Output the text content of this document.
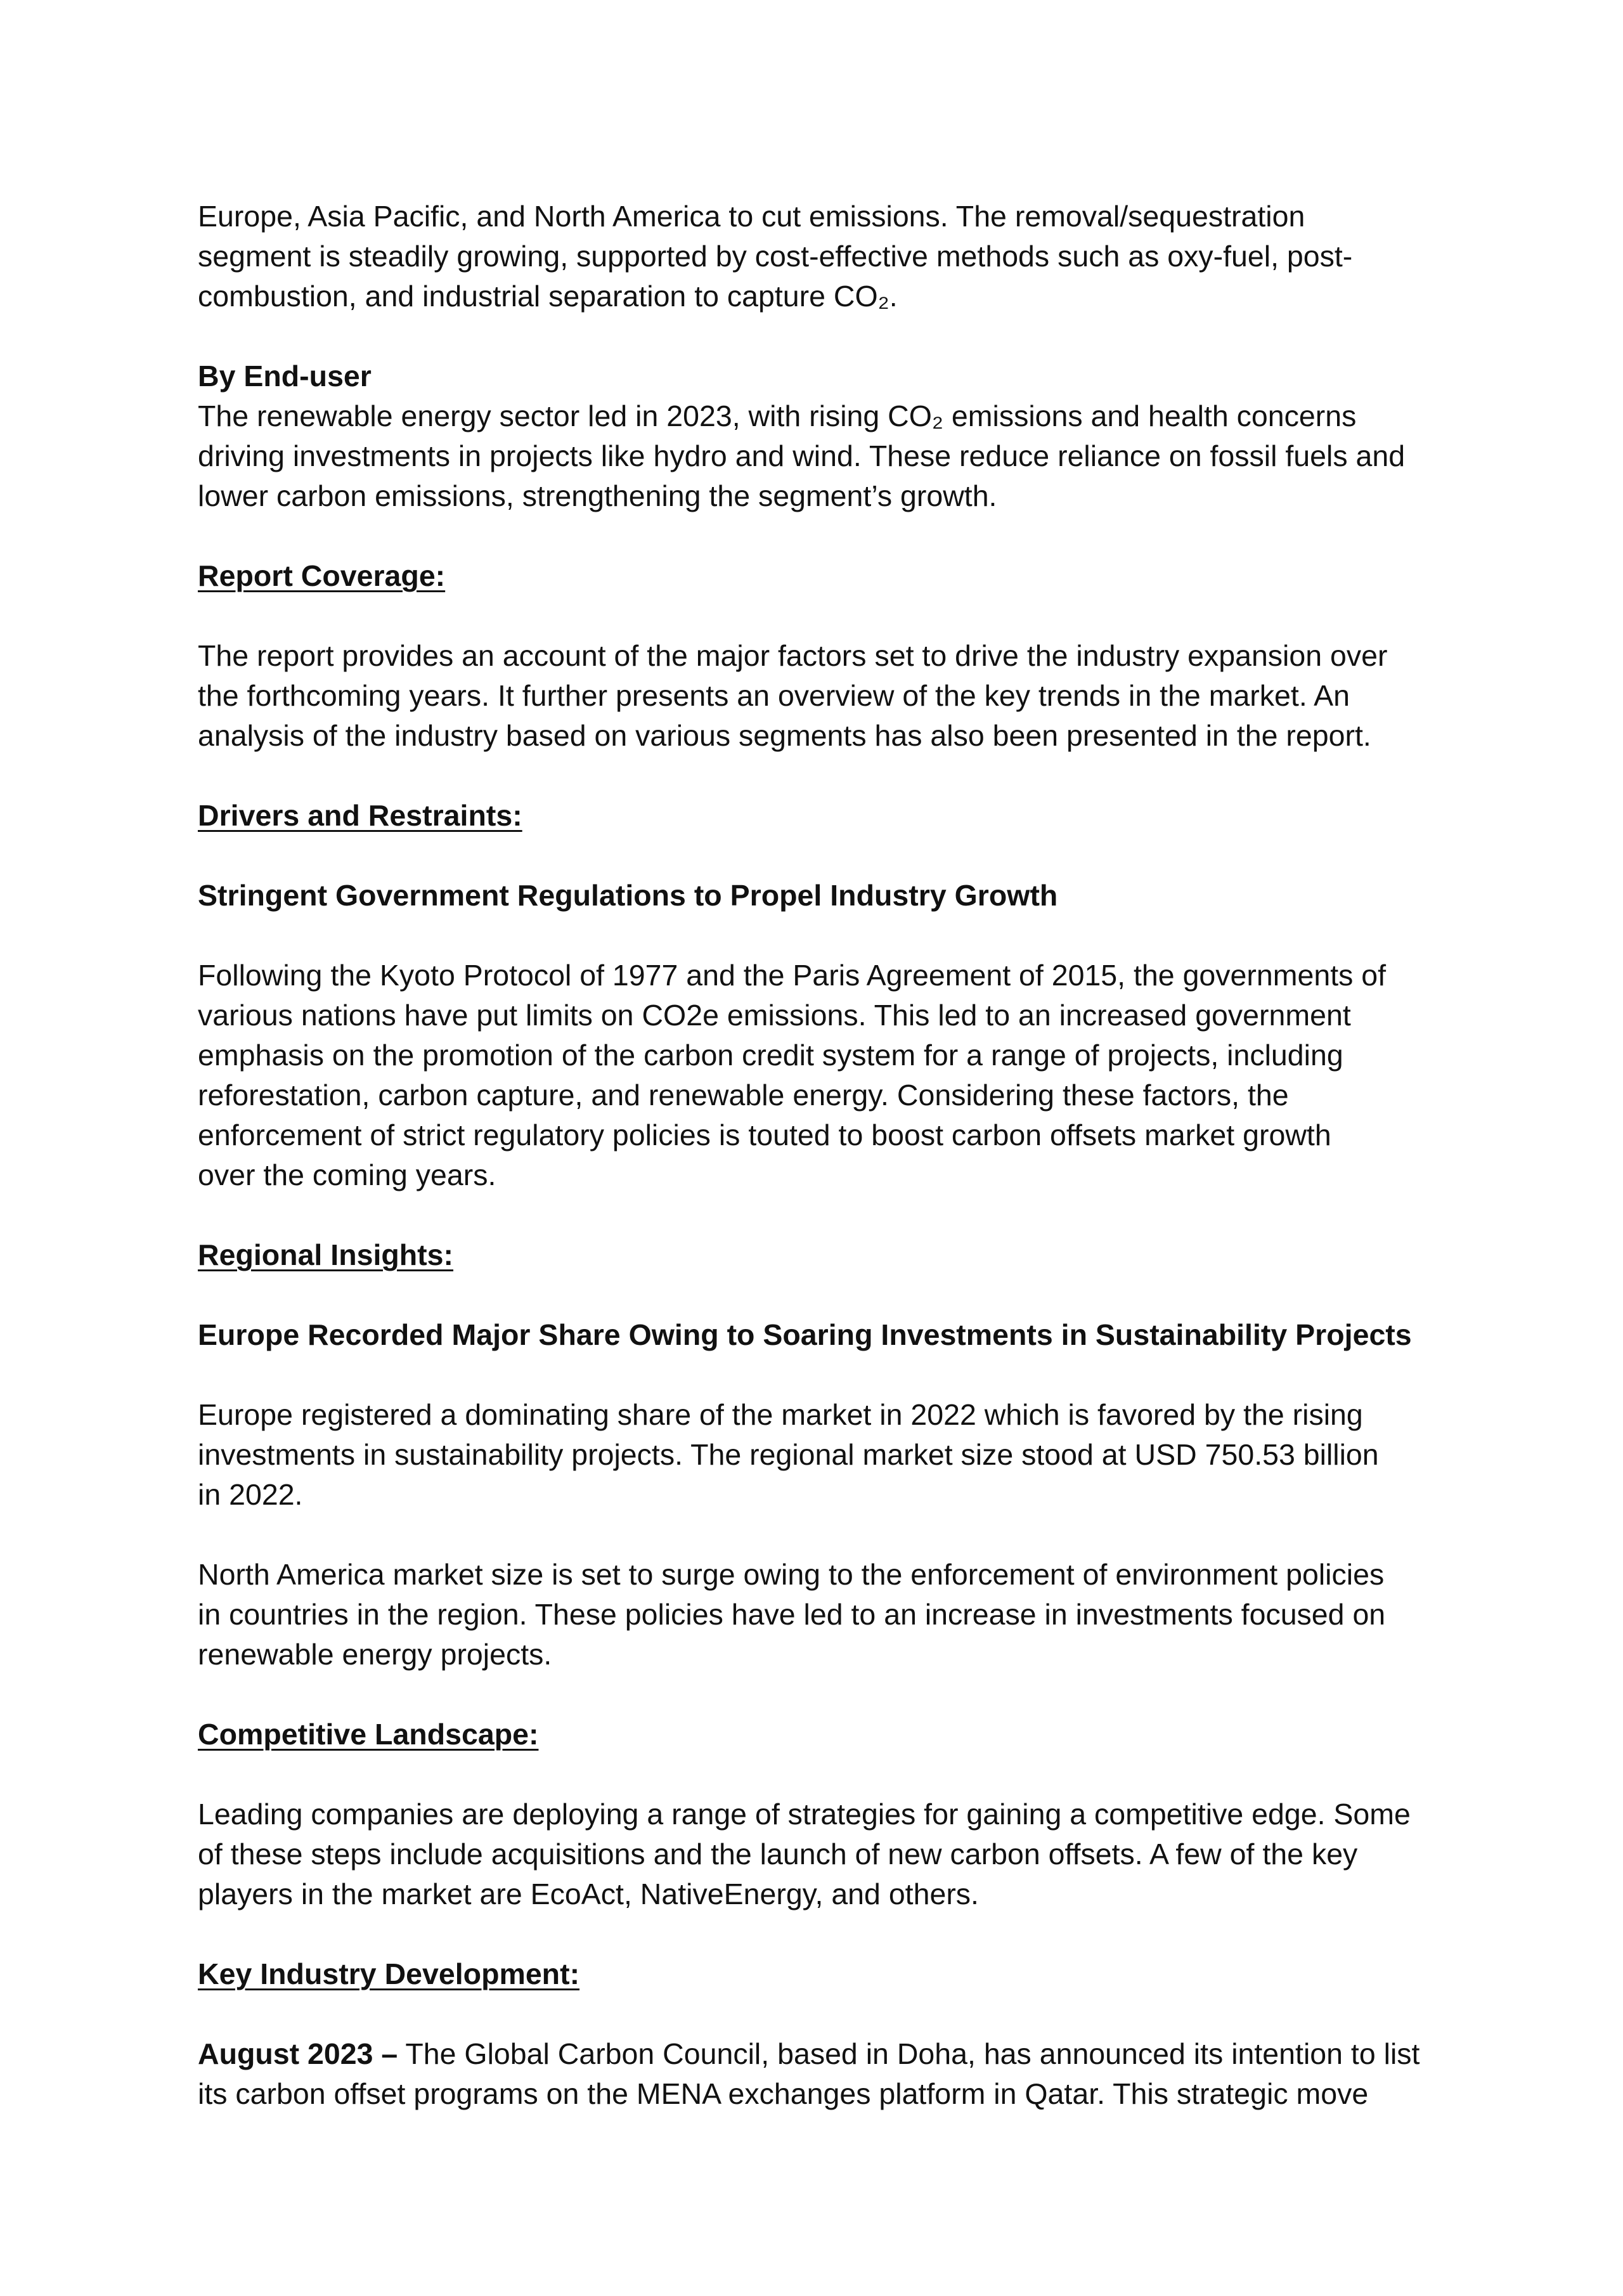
Europe, Asia Pacific, and North America to cut emissions. The removal/sequestration
segment is steadily growing, supported by cost-effective methods such as oxy-fuel, post-
combustion, and industrial separation to capture CO₂.

By End-user
The renewable energy sector led in 2023, with rising CO₂ emissions and health concerns
driving investments in projects like hydro and wind. These reduce reliance on fossil fuels and
lower carbon emissions, strengthening the segment’s growth.

Report Coverage:

The report provides an account of the major factors set to drive the industry expansion over
the forthcoming years. It further presents an overview of the key trends in the market. An
analysis of the industry based on various segments has also been presented in the report.

Drivers and Restraints:
Stringent Government Regulations to Propel Industry Growth

Following the Kyoto Protocol of 1977 and the Paris Agreement of 2015, the governments of
various nations have put limits on CO2e emissions. This led to an increased government
emphasis on the promotion of the carbon credit system for a range of projects, including
reforestation, carbon capture, and renewable energy. Considering these factors, the
enforcement of strict regulatory policies is touted to boost carbon offsets market growth
over the coming years.

Regional Insights:
Europe Recorded Major Share Owing to Soaring Investments in Sustainability Projects

Europe registered a dominating share of the market in 2022 which is favored by the rising
investments in sustainability projects. The regional market size stood at USD 750.53 billion
in 2022.

North America market size is set to surge owing to the enforcement of environment policies
in countries in the region. These policies have led to an increase in investments focused on
renewable energy projects.

Competitive Landscape:

Leading companies are deploying a range of strategies for gaining a competitive edge. Some
of these steps include acquisitions and the launch of new carbon offsets. A few of the key
players in the market are EcoAct, NativeEnergy, and others.

Key Industry Development:

August 2023 – The Global Carbon Council, based in Doha, has announced its intention to list
its carbon offset programs on the MENA exchanges platform in Qatar. This strategic move
